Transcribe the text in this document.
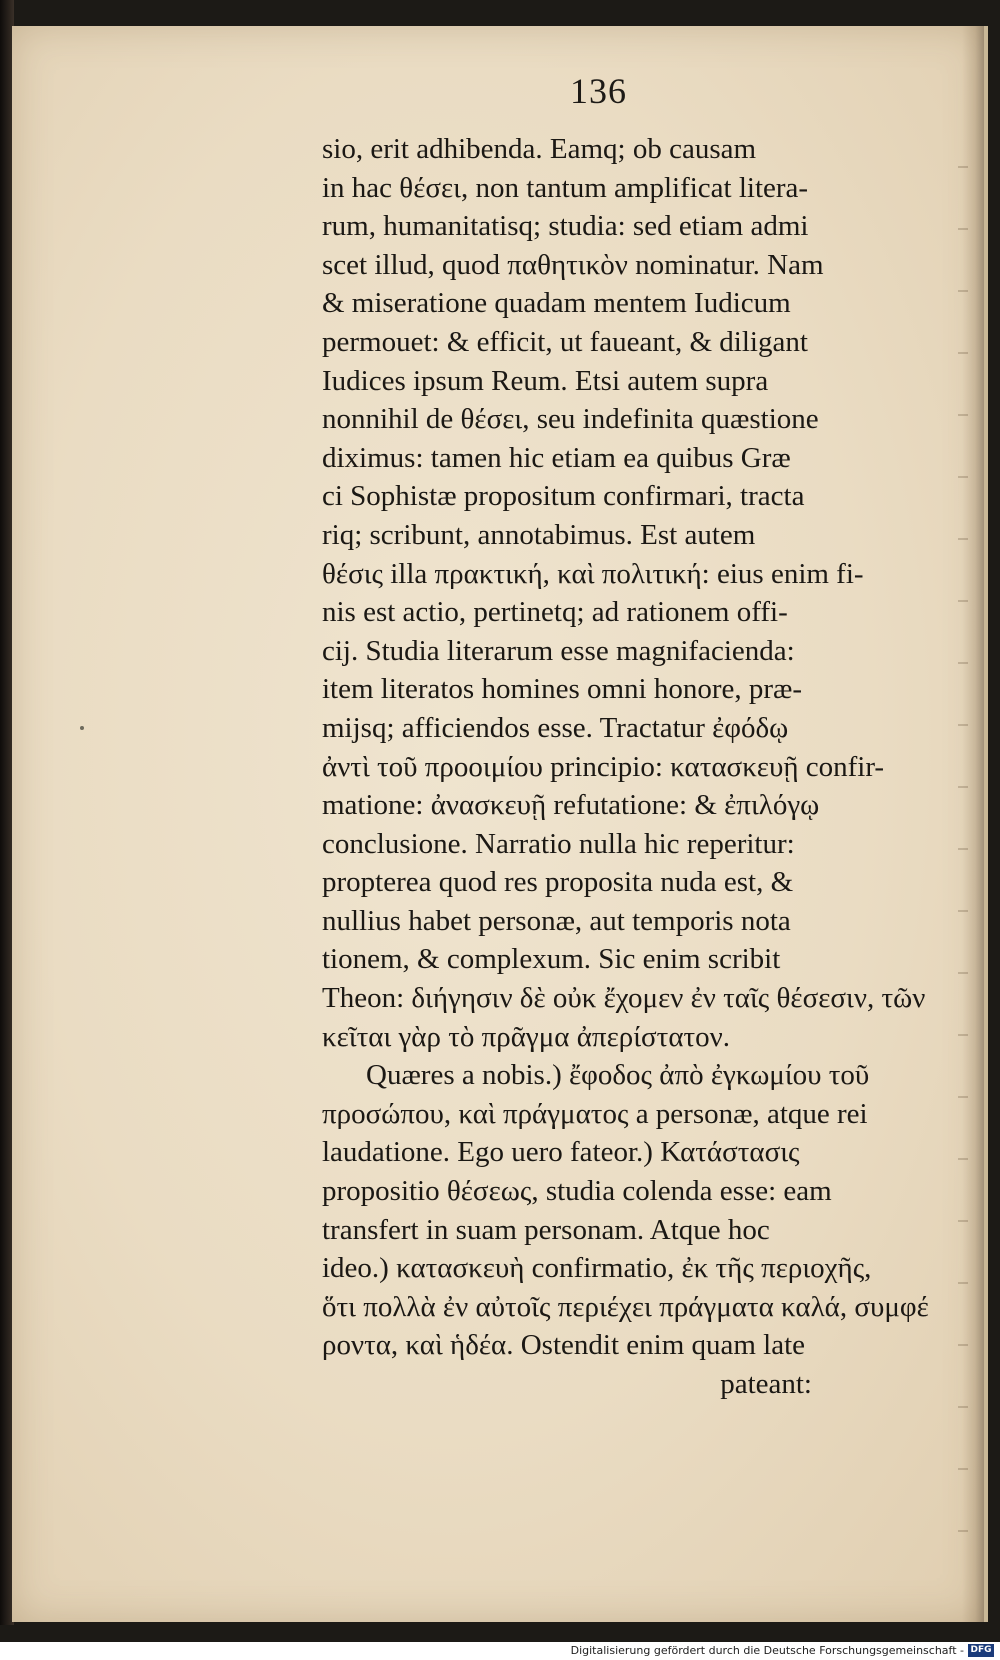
136
sio, erit adhibenda. Eamq; ob causam
in hac θέσει, non tantum amplificat litera-
rum, humanitatisq; studia: sed etiam admi
scet illud, quod παθητικὸν nominatur. Nam
& miseratione quadam mentem Iudicum
permouet: & efficit, ut faueant, & diligant
Iudices ipsum Reum. Etsi autem supra
nonnihil de θέσει, seu indefinita quæstione
diximus: tamen hic etiam ea quibus Græ
ci Sophistæ propositum confirmari, tracta
riq; scribunt, annotabimus. Est autem
θέσις illa πρακτική, καὶ πολιτική: eius enim fi-
nis est actio, pertinetq; ad rationem offi-
cij. Studia literarum esse magnifacienda:
item literatos homines omni honore, præ-
mijsq; afficiendos esse. Tractatur ἐφόδῳ
ἀντὶ τοῦ προοιμίου principio: κατασκευῇ confir-
matione: ἀνασκευῇ refutatione: & ἐπιλόγῳ
conclusione. Narratio nulla hic reperitur:
propterea quod res proposita nuda est, &
nullius habet personæ, aut temporis nota
tionem, & complexum. Sic enim scribit
Theon: διήγησιν δὲ οὐκ ἔχομεν ἐν ταῖς θέσεσιν, τῶν
κεῖται γὰρ τὸ πρᾶγμα ἀπερίστατον.
Quæres a nobis.) ἔφοδος ἀπὸ ἐγκωμίου τοῦ
προσώπου, καὶ πράγματος a personæ, atque rei
laudatione. Ego uero fateor.) Κατάστασις
propositio θέσεως, studia colenda esse: eam
transfert in suam personam. Atque hoc
ideo.) κατασκευὴ confirmatio, ἐκ τῆς περιοχῆς,
ὅτι πολλὰ ἐν αὐτοῖς περιέχει πράγματα καλά, συμφέ
ροντα, καὶ ἡδέα. Ostendit enim quam late
pateant:
Digitalisierung gefördert durch die Deutsche Forschungsgemeinschaft - DFG
